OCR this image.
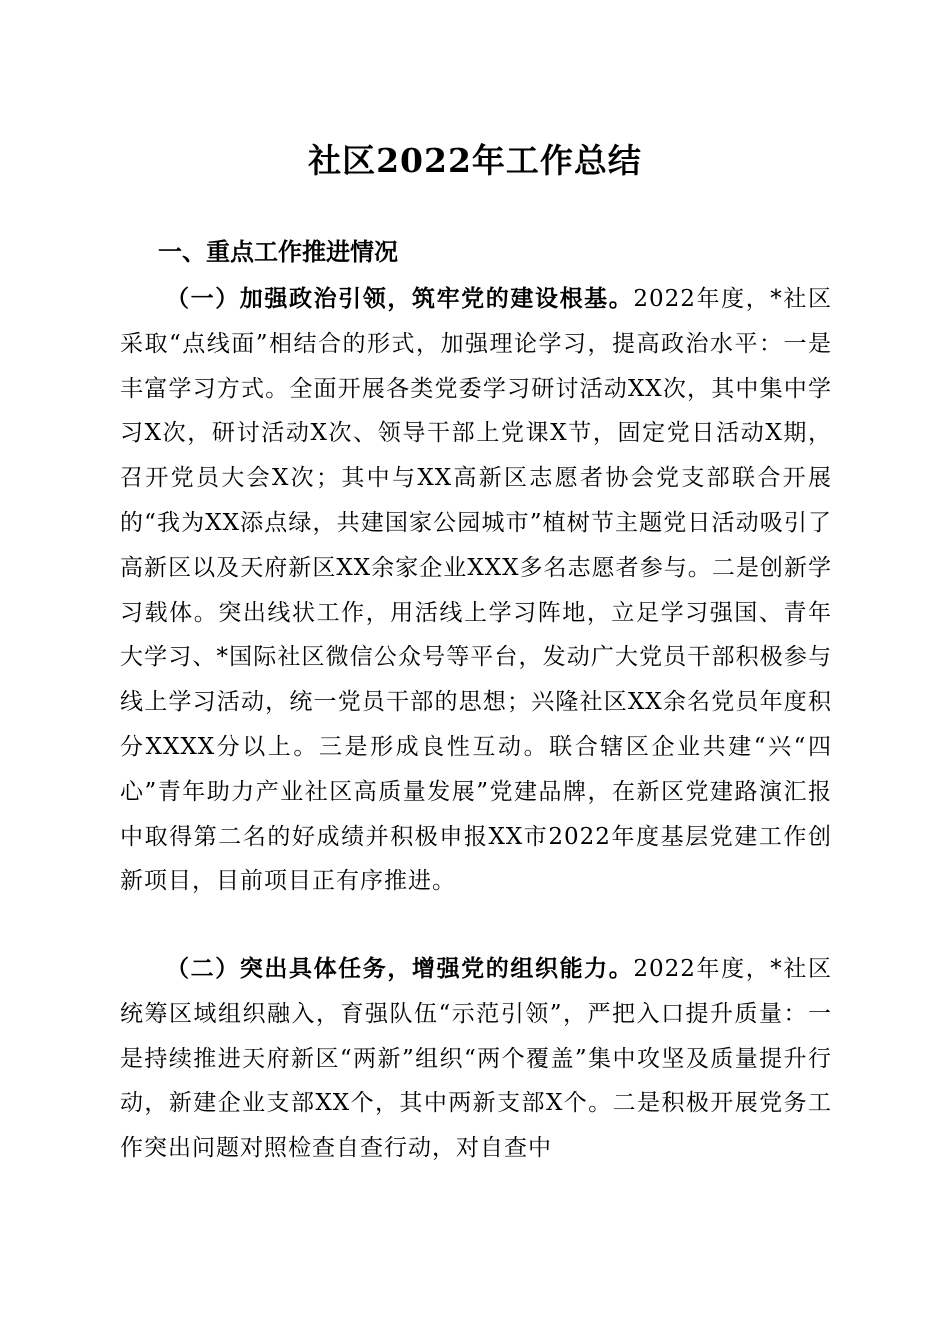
社区2022年工作总结
一、重点工作推进情况

（一）加强政治引领，筑牢党的建设根基。2022年度，*社区采取“点线面”相结合的形式，加强理论学习，提高政治水平：一是丰富学习方式。全面开展各类党委学习研讨活动XX次，其中集中学习X次，研讨活动X次、领导干部上党课X节，固定党日活动X期，召开党员大会X次；其中与XX高新区志愿者协会党支部联合开展的“我为XX添点绿，共建国家公园城市”植树节主题党日活动吸引了高新区以及天府新区XX余家企业XXX多名志愿者参与。二是创新学习载体。突出线状工作，用活线上学习阵地，立足学习强国、青年大学习、*国际社区微信公众号等平台，发动广大党员干部积极参与线上学习活动，统一党员干部的思想；兴隆社区XX余名党员年度积分XXXX分以上。三是形成良性互动。联合辖区企业共建“兴“四心”青年助力产业社区高质量发展”党建品牌，在新区党建路演汇报中取得第二名的好成绩并积极申报XX市2022年度基层党建工作创新项目，目前项目正有序推进。

（二）突出具体任务，增强党的组织能力。2022年度，*社区统筹区域组织融入，育强队伍“示范引领”，严把入口提升质量：一是持续推进天府新区“两新”组织“两个覆盖”集中攻坚及质量提升行动，新建企业支部XX个，其中两新支部X个。二是积极开展党务工作突出问题对照检查自查行动，对自查中
